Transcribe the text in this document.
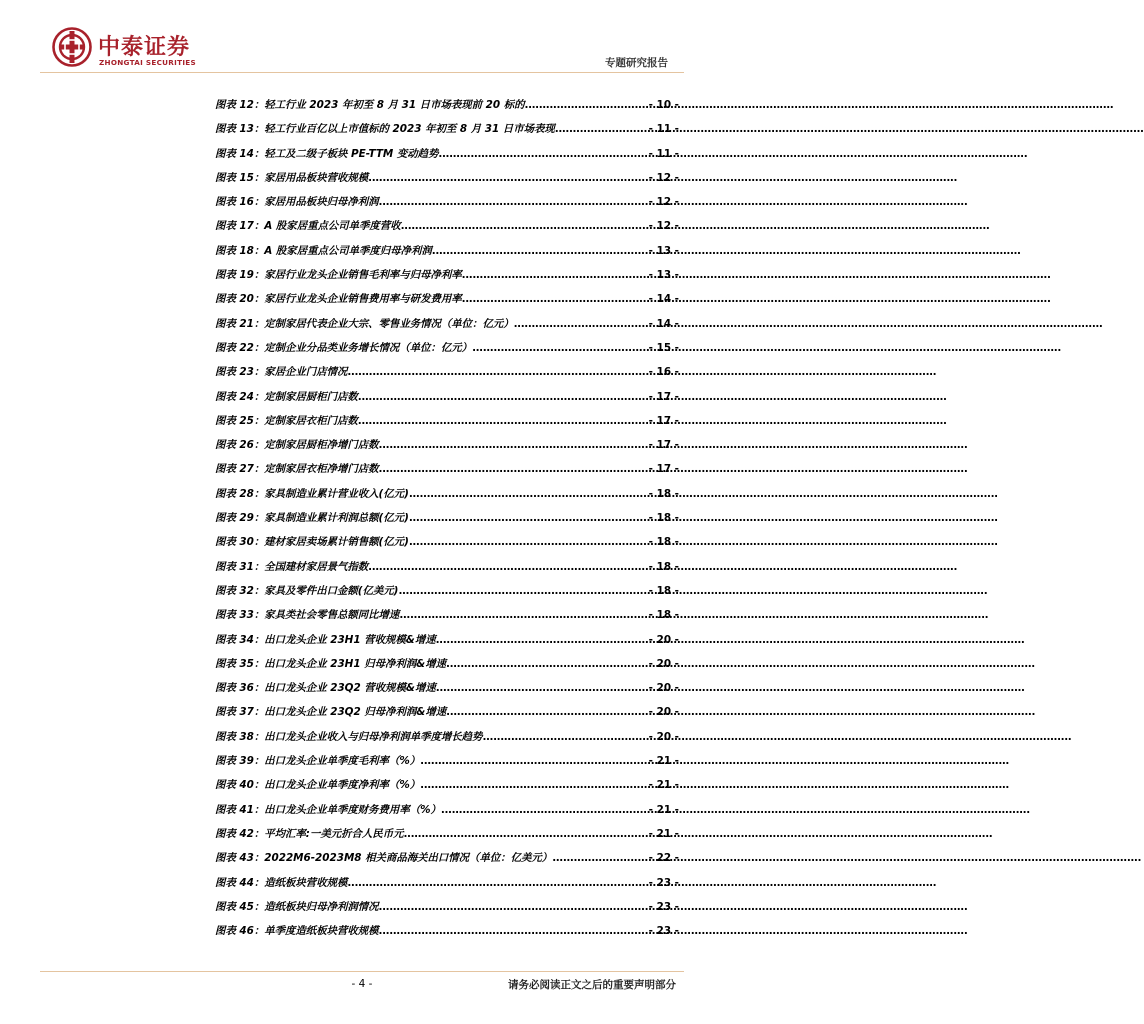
中泰证券
ZHONGTAI SECURITIES	专题研究报告
图表 12：轻工行业 2023 年初至 8 月 31 日市场表现前 20 标的 .....	- 10 -
图表 13：轻工行业百亿以上市值标的 2023 年初至 8 月 31 日市场表现 .....	- 11 -
图表 14：轻工及二级子板块 PE-TTM 变动趋势 .....	- 11 -
图表 15：家居用品板块营收规模 .....	- 12 -
图表 16：家居用品板块归母净利润 .....	- 12 -
图表 17：A 股家居重点公司单季度营收 .....	- 12 -
图表 18：A 股家居重点公司单季度归母净利润 .....	- 13 -
图表 19：家居行业龙头企业销售毛利率与归母净利率 .....	- 13 -
图表 20：家居行业龙头企业销售费用率与研发费用率 .....	- 14 -
图表 21：定制家居代表企业大宗、零售业务情况（单位：亿元） .....	- 14 -
图表 22：定制企业分品类业务增长情况（单位：亿元） .....	- 15 -
图表 23：家居企业门店情况 .....	- 16 -
图表 24：定制家居厨柜门店数 .....	- 17 -
图表 25：定制家居衣柜门店数 .....	- 17 -
图表 26：定制家居厨柜净增门店数 .....	- 17 -
图表 27：定制家居衣柜净增门店数 .....	- 17 -
图表 28：家具制造业累计营业收入(亿元) .....	- 18 -
图表 29：家具制造业累计利润总额(亿元) .....	- 18 -
图表 30：建材家居卖场累计销售额(亿元) .....	- 18 -
图表 31：全国建材家居景气指数 .....	- 18 -
图表 32：家具及零件出口金额(亿美元) .....	- 18 -
图表 33：家具类社会零售总额同比增速 .....	- 18 -
图表 34：出口龙头企业 23H1 营收规模&增速 .....	- 20 -
图表 35：出口龙头企业 23H1 归母净利润&增速 .....	- 20 -
图表 36：出口龙头企业 23Q2 营收规模&增速 .....	- 20 -
图表 37：出口龙头企业 23Q2 归母净利润&增速 .....	- 20 -
图表 38：出口龙头企业收入与归母净利润单季度增长趋势 .....	- 20 -
图表 39：出口龙头企业单季度毛利率（%） .....	- 21 -
图表 40：出口龙头企业单季度净利率（%） .....	- 21 -
图表 41：出口龙头企业单季度财务费用率（%） .....	- 21 -
图表 42：平均汇率:一美元折合人民币元 .....	- 21 -
图表 43：2022M6-2023M8 相关商品海关出口情况（单位：亿美元） .....	- 22 -
图表 44：造纸板块营收规模 .....	- 23 -
图表 45：造纸板块归母净利润情况 .....	- 23 -
图表 46：单季度造纸板块营收规模 .....	- 23 -
- 4 -	请务必阅读正文之后的重要声明部分
